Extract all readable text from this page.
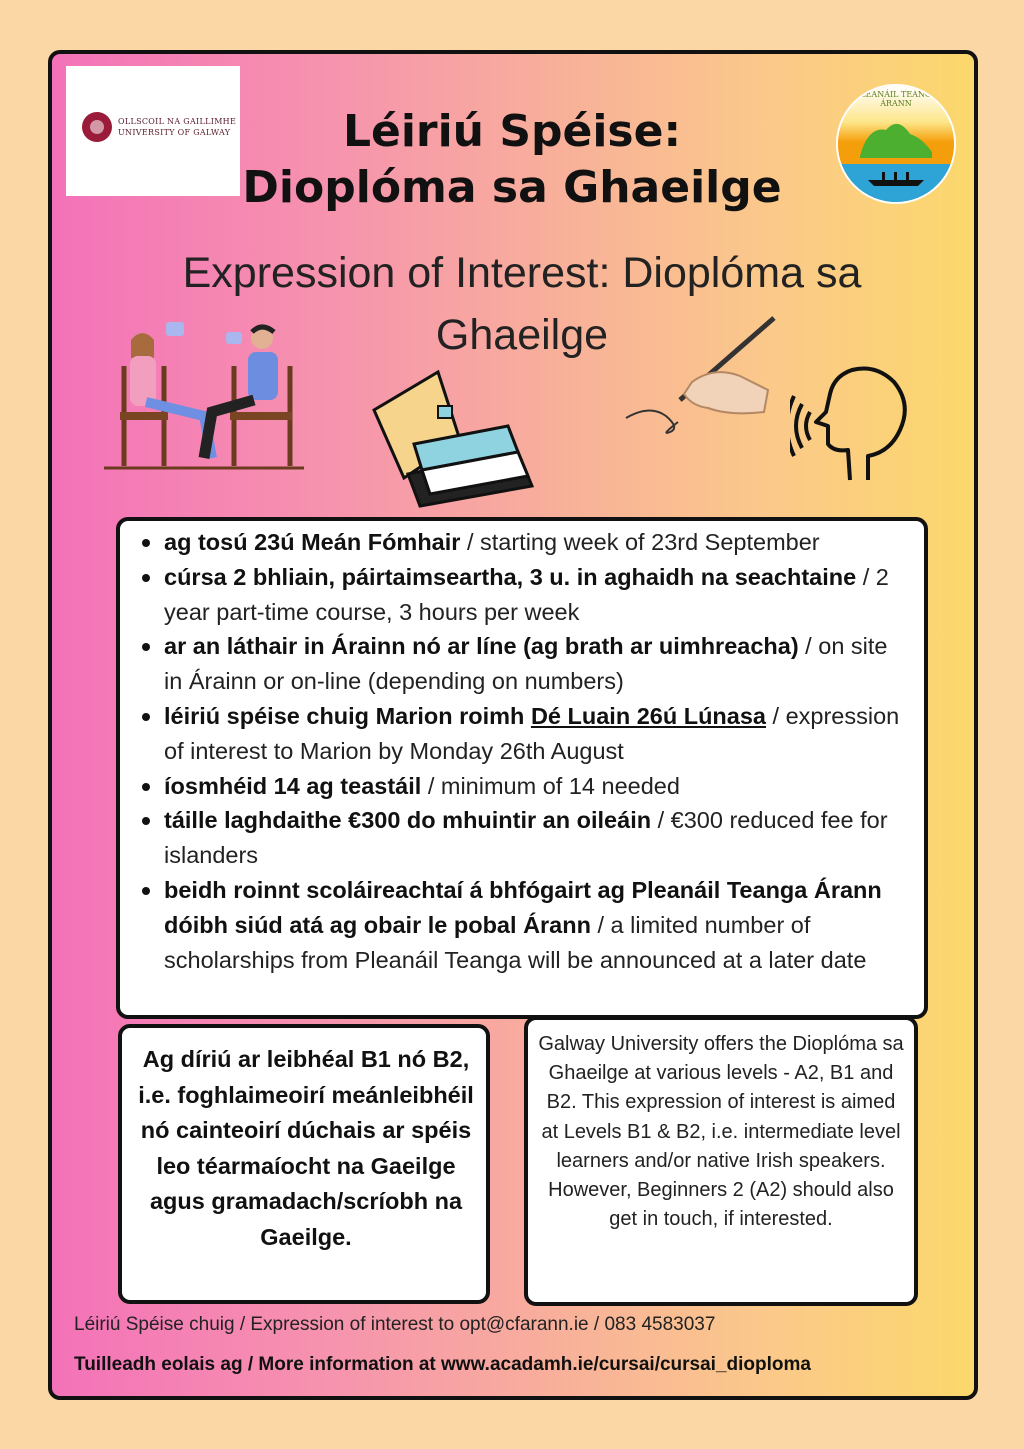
OLLSCOIL NA GAILLIMHE
UNIVERSITY OF GALWAY
PLEANÁIL TEANGA ÁRANN
Léiriú Spéise:
Dioplóma sa Ghaeilge
Expression of Interest: Dioplóma sa
Ghaeilge
ag tosú 23ú Meán Fómhair / starting week of 23rd September
cúrsa 2 bhliain, páirtaimseartha, 3 u. in aghaidh na seachtaine / 2 year part-time course, 3 hours per week
ar an láthair in Árainn nó ar líne (ag brath ar uimhreacha) / on site in Árainn or on-line (depending on numbers)
léiriú spéise chuig Marion roimh Dé Luain 26ú Lúnasa / expression of interest to Marion by Monday 26th August
íosmhéid 14 ag teastáil / minimum of 14 needed
táille laghdaithe €300 do mhuintir an oileáin / €300 reduced fee for islanders
beidh roinnt scoláireachtaí á bhfógairt ag Pleanáil Teanga Árann dóibh siúd atá ag obair le pobal Árann / a limited number of scholarships from Pleanáil Teanga will be announced at a later date

Ag díriú ar leibhéal B1 nó B2, i.e. foghlaimeoirí meánleibhéil nó cainteoirí dúchais ar spéis leo téarmaíocht na Gaeilge agus gramadach/scríobh na Gaeilge.

Galway University offers the Dioplóma sa Ghaeilge at various levels - A2, B1 and B2. This expression of interest is aimed at Levels B1 & B2, i.e. intermediate level learners and/or native Irish speakers.
However, Beginners 2 (A2) should also get in touch, if interested.

Léiriú Spéise chuig / Expression of interest to opt@cfarann.ie / 083 4583037
Tuilleadh eolais ag / More information at www.acadamh.ie/cursai/cursai_dioploma
